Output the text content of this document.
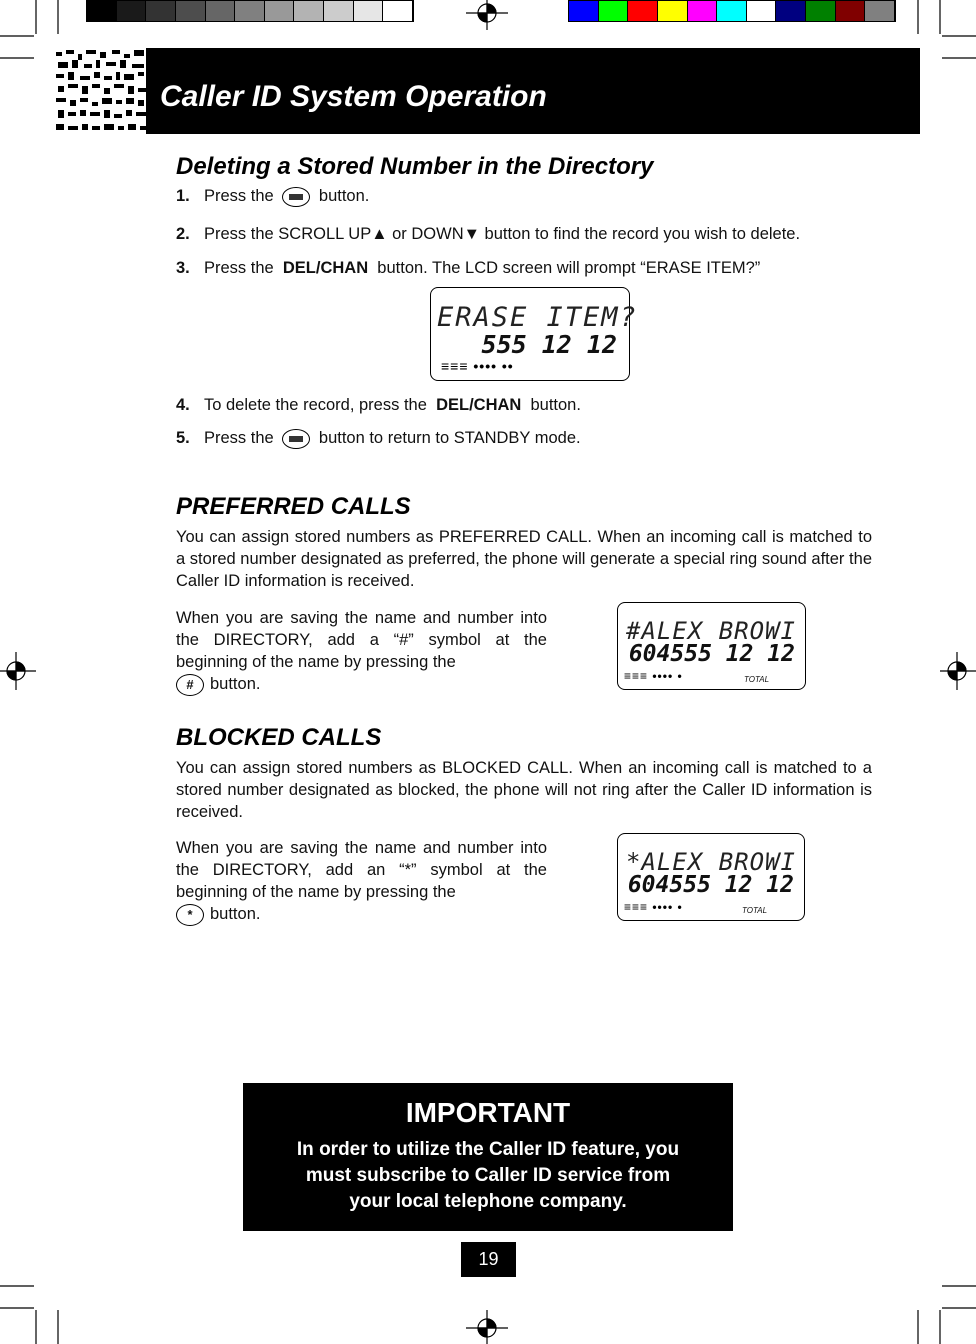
Caller ID System Operation
Deleting a Stored Number in the Directory
1. Press the	button.
2. Press the SCROLL UP▲ or DOWN▼ button to find the record you wish to delete.
3. Press the DEL/CHAN button. The LCD screen will prompt “ERASE ITEM?”
ERASE ITEM?
555 12 12
≡≡≡ •••• ••
4. To delete the record, press the DEL/CHAN button.
5. Press the	button to return to STANDBY mode.
PREFERRED CALLS
You can assign stored numbers as PREFERRED CALL. When an incoming call is matched to a stored number designated as preferred, the phone will generate a special ring sound after the Caller ID information is received.
When you are saving the name and number into the DIRECTORY, add a “#” symbol at the beginning of the name by pressing the
# button.
#ALEX BROWI
604555 12 12
≡≡≡ •••• •	TOTAL
BLOCKED CALLS
You can assign stored numbers as BLOCKED CALL. When an incoming call is matched to a stored number designated as blocked, the phone will not ring after the Caller ID information is received.
When you are saving the name and number into the DIRECTORY, add an “*” symbol at the beginning of the name by pressing the
* button.
*ALEX BROWI
604555 12 12
≡≡≡ •••• •	TOTAL
IMPORTANT
In order to utilize the Caller ID feature, you
must subscribe to Caller ID service from
your local telephone company.
19
